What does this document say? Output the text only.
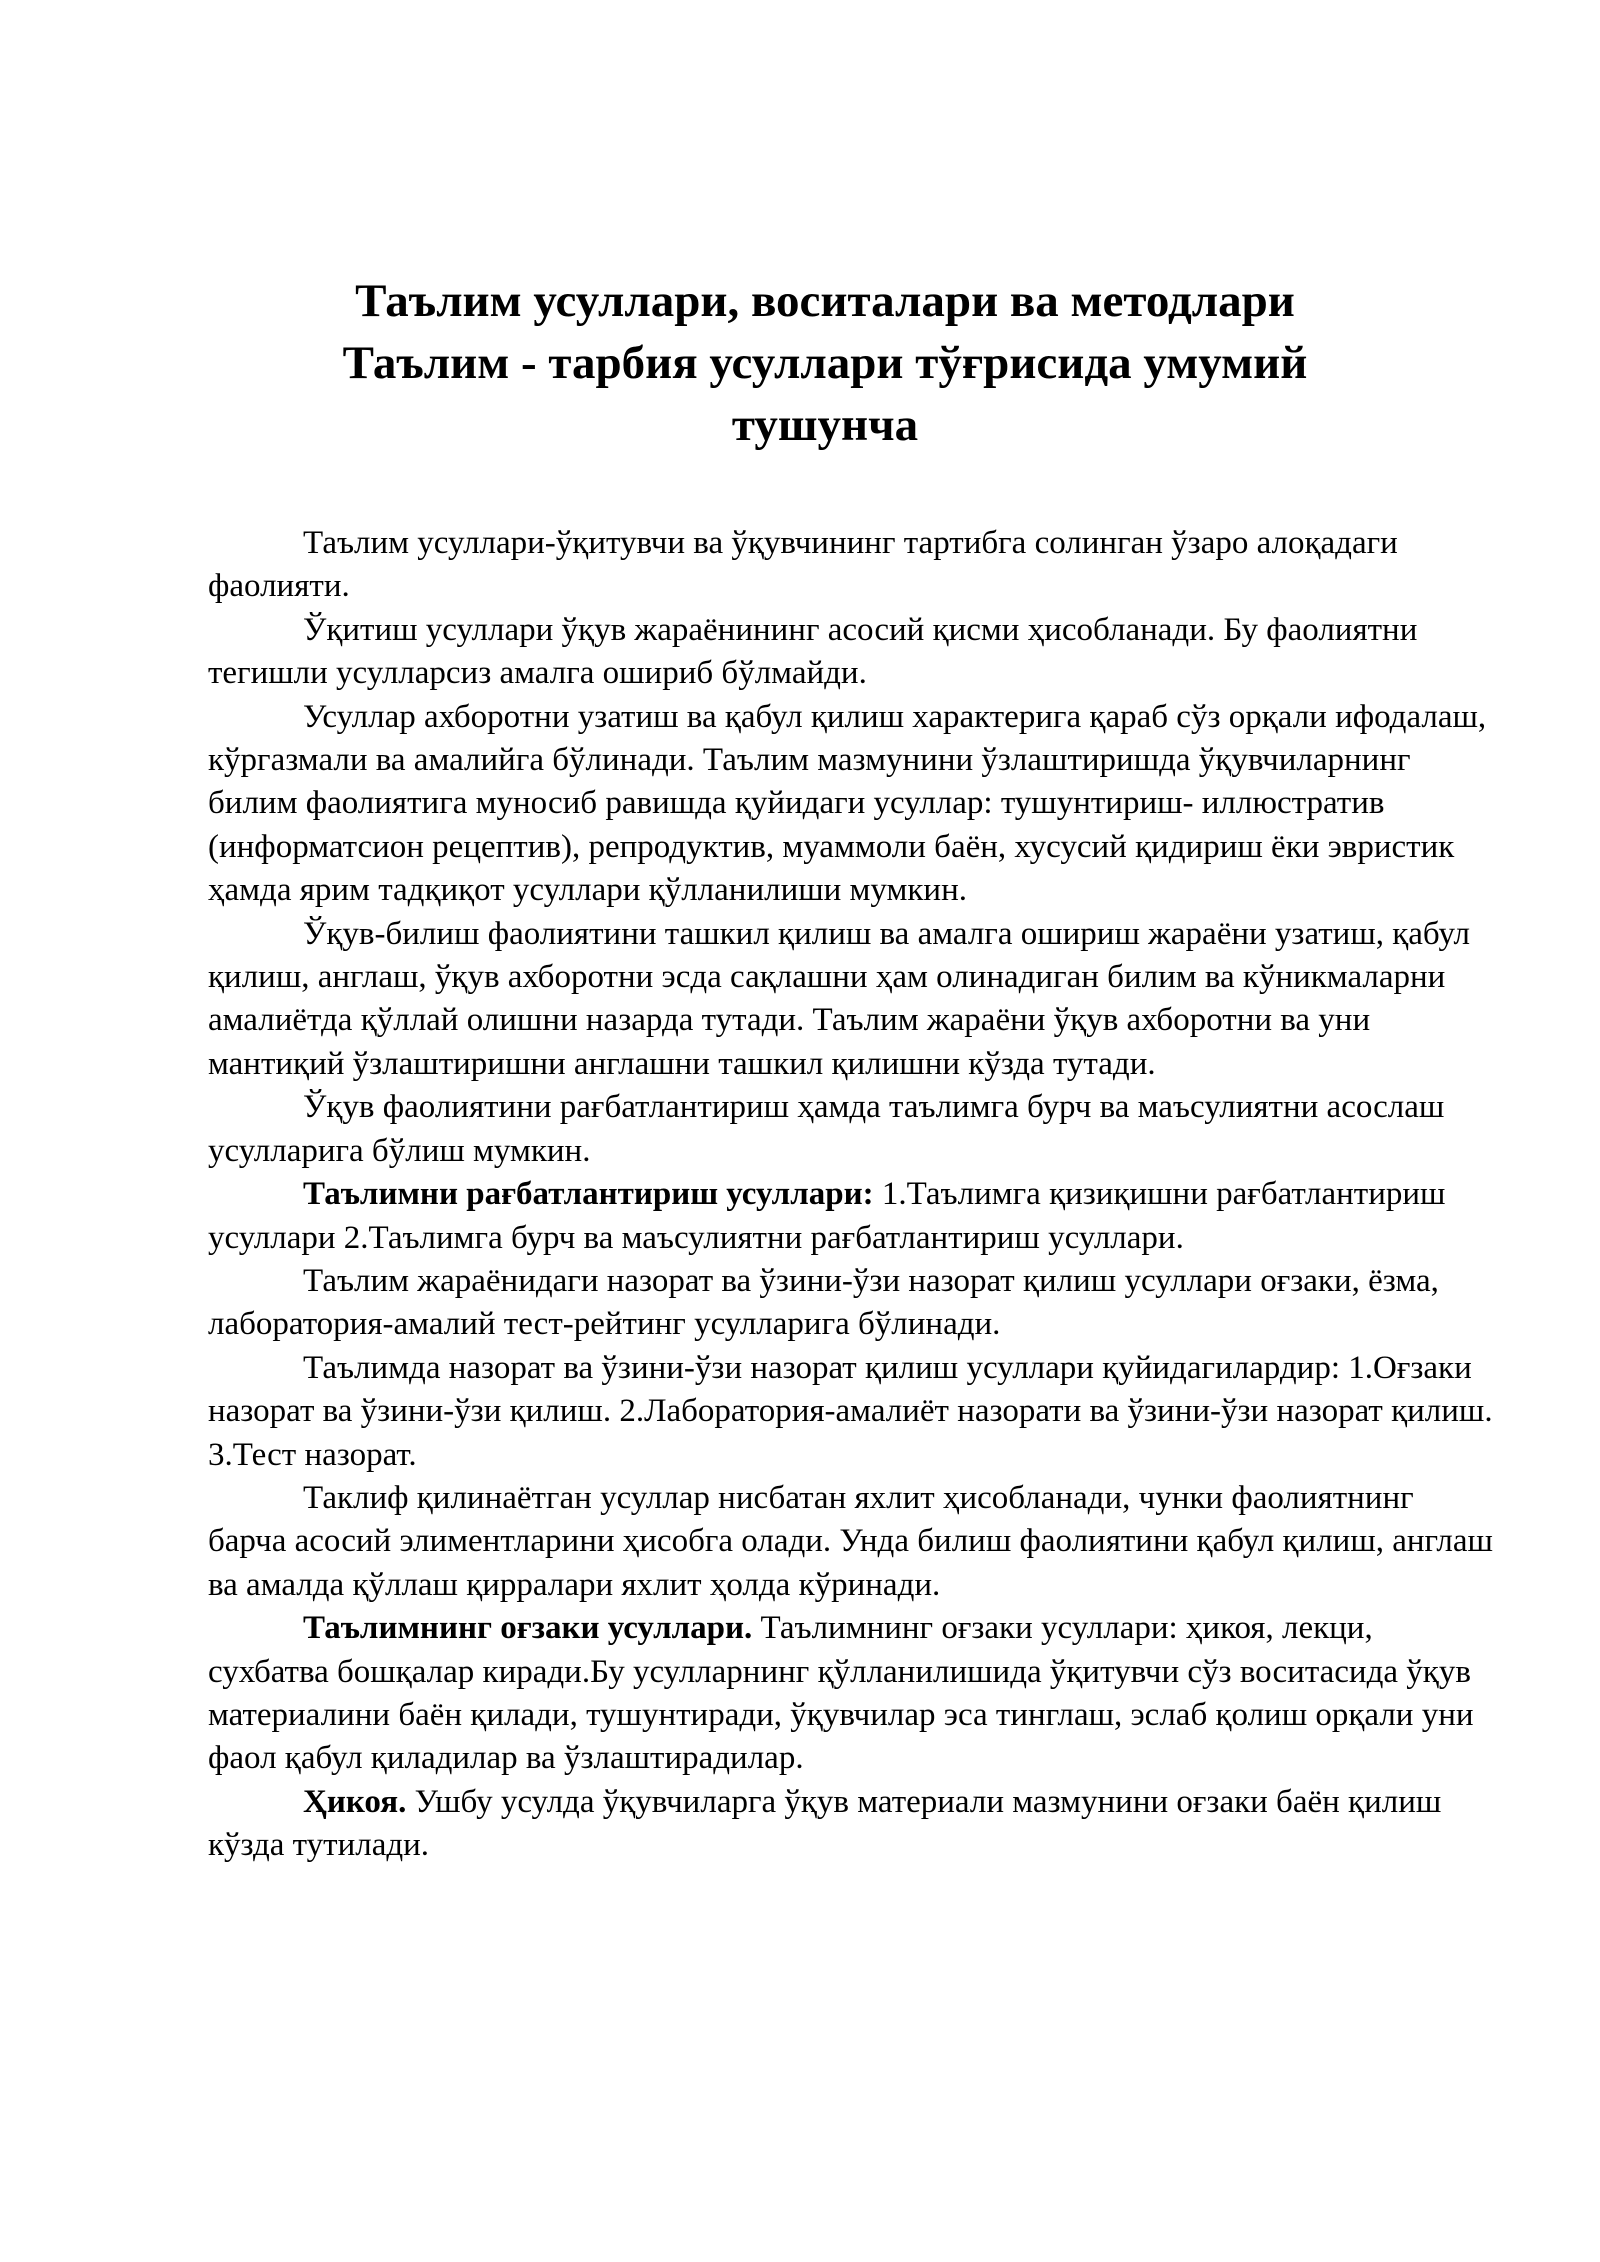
Таълим усуллари, воситалари ва методлари
Таълим - тарбия усуллари тўғрисида умумий
тушунча

Таълим усуллари-ўқитувчи ва ўқувчининг тартибга солинган ўзаро алоқадаги фаолияти.

Ўқитиш усуллари ўқув жараёнининг асосий қисми ҳисобланади. Бу фаолиятни тегишли усулларсиз амалга ошириб бўлмайди.

Усуллар ахборотни узатиш ва қабул қилиш характерига қараб сўз орқали ифодалаш, кўргазмали ва амалийга бўлинади. Таълим мазмунини ўзлаштиришда ўқувчиларнинг билим фаолиятига муносиб равишда қуйидаги усуллар: тушунтириш- иллюстратив (информатсион рецептив), репродуктив, муаммоли баён, хусусий қидириш ёки эвристик ҳамда ярим тадқиқот усуллари қўлланилиши мумкин.

Ўқув-билиш фаолиятини ташкил қилиш ва амалга ошириш жараёни узатиш, қабул қилиш, англаш, ўқув ахборотни эсда сақлашни ҳам олинадиган билим ва кўникмаларни амалиётда қўллай олишни назарда тутади. Таълим жараёни ўқув ахборотни ва уни мантиқий ўзлаштиришни англашни ташкил қилишни кўзда тутади.

Ўқув фаолиятини рағбатлантириш ҳамда таълимга бурч ва маъсулиятни асослаш усулларига бўлиш мумкин.

Таълимни рағбатлантириш усуллари: 1.Таълимга қизиқишни рағбатлантириш усуллари 2.Таълимга бурч ва маъсулиятни рағбатлантириш усуллари.

Таълим жараёнидаги назорат ва ўзини-ўзи назорат қилиш усуллари оғзаки, ёзма, лаборатория-амалий тест-рейтинг усулларига бўлинади.

Таълимда назорат ва ўзини-ўзи назорат қилиш усуллари қуйидагилардир: 1.Оғзаки назорат ва ўзини-ўзи қилиш. 2.Лаборатория-амалиёт назорати ва ўзини-ўзи назорат қилиш. 3.Тест назорат.

Таклиф қилинаётган усуллар нисбатан яхлит ҳисобланади, чунки фаолиятнинг барча асосий элиментларини ҳисобга олади. Унда билиш фаолиятини қабул қилиш, англаш ва амалда қўллаш қирралари яхлит ҳолда кўринади.

Таълимнинг оғзаки усуллари. Таълимнинг оғзаки усуллари: ҳикоя, лекци, сухбатва бошқалар киради.Бу усулларнинг қўлланилишида ўқитувчи сўз воситасида ўқув материалини баён қилади, тушунтиради, ўқувчилар эса тинглаш, эслаб қолиш орқали уни фаол қабул қиладилар ва ўзлаштирадилар.

Ҳикоя. Ушбу усулда ўқувчиларга ўқув материали мазмунини оғзаки баён қилиш кўзда тутилади.
